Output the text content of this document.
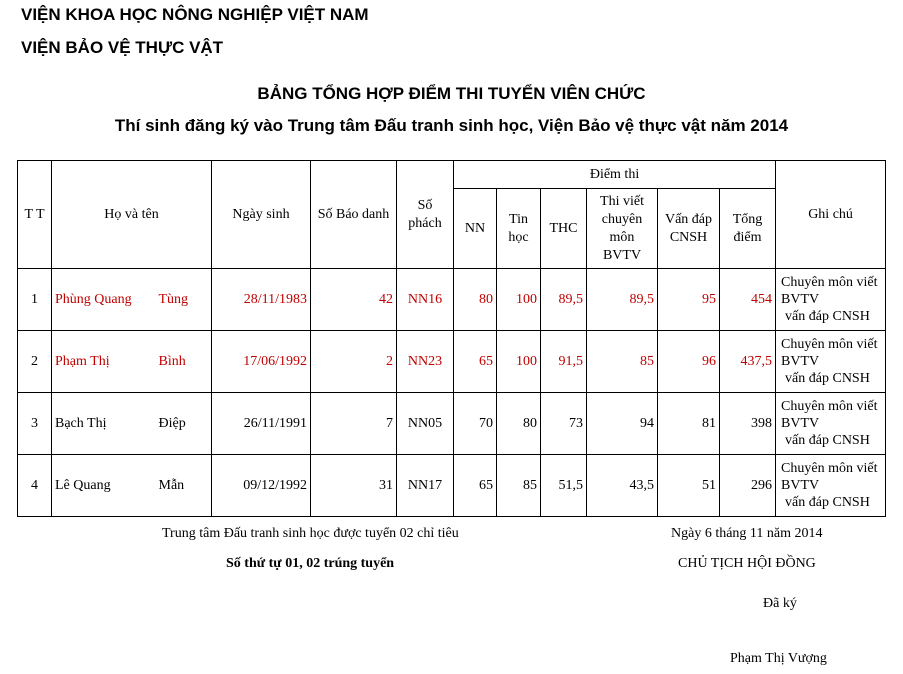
VIỆN KHOA HỌC NÔNG NGHIỆP VIỆT NAM
VIỆN BẢO VỆ THỰC VẬT
BẢNG TỔNG HỢP ĐIỂM THI TUYỂN VIÊN CHỨC
Thí sinh đăng ký vào Trung tâm Đấu tranh sinh học, Viện Bảo vệ thực vật năm 2014
T T	Họ và tên		Ngày sinh	Số Báo danh	Số phách	Điểm thi						Ghi chú
						NN	Tin học	THC	Thi viết chuyên môn BVTV	Vấn đáp CNSH	Tổng điểm	
1	Phùng Quang	Tùng	28/11/1983	42	NN16	80	100	89,5	89,5	95	454	Chuyên môn viết
BVTV
vấn đáp CNSH

2	Phạm Thị	Bình	17/06/1992	2	NN23	65	100	91,5	85	96	437,5	Chuyên môn viết
BVTV
vấn đáp CNSH

3	Bạch Thị	Điệp	26/11/1991	7	NN05	70	80	73	94	81	398	Chuyên môn viết
BVTV
vấn đáp CNSH

4	Lê Quang	Mẫn	09/12/1992	31	NN17	65	85	51,5	43,5	51	296	Chuyên môn viết
BVTV
vấn đáp CNSH
Trung tâm Đấu tranh sinh học được tuyển 02 chỉ tiêu
Số thứ tự 01, 02 trúng tuyển
Ngày 6 tháng 11 năm 2014
CHỦ TỊCH HỘI ĐỒNG
Đã ký
Phạm Thị Vượng
